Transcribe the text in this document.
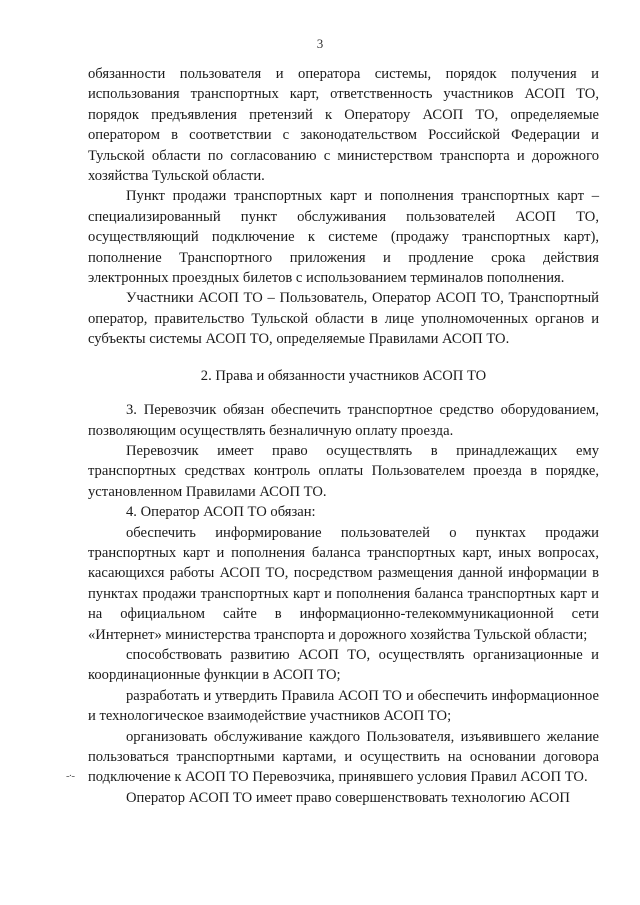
3
-·-

обязанности пользователя и оператора системы, порядок получения и использования транспортных карт, ответственность участников АСОП ТО, порядок предъявления претензий к Оператору АСОП ТО, определяемые оператором в соответствии с законодательством Российской Федерации и Тульской области по согласованию с министерством транспорта и дорожного хозяйства Тульской области.

Пункт продажи транспортных карт и пополнения транспортных карт – специализированный пункт обслуживания пользователей АСОП ТО, осуществляющий подключение к системе (продажу транспортных карт), пополнение Транспортного приложения и продление срока действия электронных проездных билетов с использованием терминалов пополнения.

Участники АСОП ТО – Пользователь, Оператор АСОП ТО, Транспортный оператор, правительство Тульской области в лице уполномоченных органов и субъекты системы АСОП ТО, определяемые Правилами АСОП ТО.

2. Права и обязанности участников АСОП ТО

3. Перевозчик обязан обеспечить транспортное средство оборудованием, позволяющим осуществлять безналичную оплату проезда.

Перевозчик имеет право осуществлять в принадлежащих ему транспортных средствах контроль оплаты Пользователем проезда в порядке, установленном Правилами АСОП ТО.

4. Оператор АСОП ТО обязан:

обеспечить информирование пользователей о пунктах продажи транспортных карт и пополнения баланса транспортных карт, иных вопросах, касающихся работы АСОП ТО, посредством размещения данной информации в пунктах продажи транспортных карт и пополнения баланса транспортных карт и на официальном сайте в информационно-телекоммуникационной сети «Интернет» министерства транспорта и дорожного хозяйства Тульской области;

способствовать развитию АСОП ТО, осуществлять организационные и координационные функции в АСОП ТО;

разработать и утвердить Правила АСОП ТО и обеспечить информационное и технологическое взаимодействие участников АСОП ТО;

организовать обслуживание каждого Пользователя, изъявившего желание пользоваться транспортными картами, и осуществить на основании договора подключение к АСОП ТО Перевозчика, принявшего условия Правил АСОП ТО.

Оператор АСОП ТО имеет право совершенствовать технологию АСОП
